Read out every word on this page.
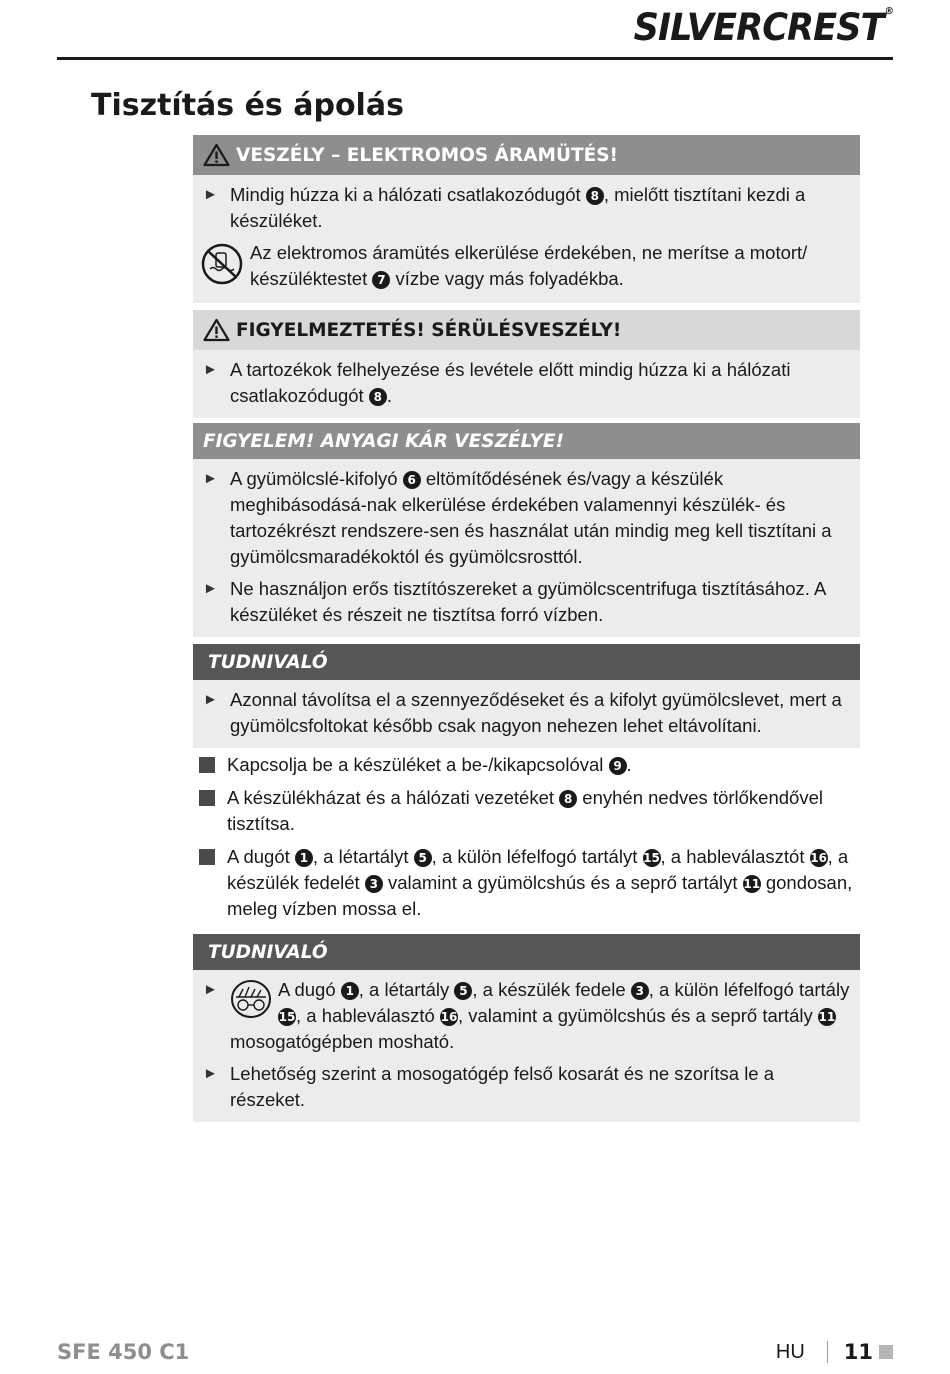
SILVERCREST®
Tisztítás és ápolás
VESZÉLY – ELEKTROMOS ÁRAMÜTÉS!
► Mindig húzza ki a hálózati csatlakozódugót 8 , mielőtt tisztítani kezdi a készüléket.
Az elektromos áramütés elkerülése érdekében, ne merítse a motort/ készüléktestet 7 vízbe vagy más folyadékba.
FIGYELMEZTETÉS! SÉRÜLÉSVESZÉLY!
► A tartozékok felhelyezése és levétele előtt mindig húzza ki a hálózati csatlakozódugót 8 .
FIGYELEM! ANYAGI KÁR VESZÉLYE!
► A gyümölcslé-kifolyó 6 eltömítődésének és/vagy a készülék meghibásodásá-nak elkerülése érdekében valamennyi készülék- és tartozékrészt rendszere-sen és használat után mindig meg kell tisztítani a gyümölcsmaradékoktól és gyümölcsrosttól.
► Ne használjon erős tisztítószereket a gyümölcscentrifuga tisztításához. A készüléket és részeit ne tisztítsa forró vízben.
TUDNIVALÓ
► Azonnal távolítsa el a szennyeződéseket és a kifolyt gyümölcslevet, mert a gyümölcsfoltokat később csak nagyon nehezen lehet eltávolítani.
Kapcsolja be a készüléket a be-/kikapcsolóval 9 .
A készülékházat és a hálózati vezetéket 8 enyhén nedves törlőkendővel tisztítsa.
A dugót 1 , a létartályt 5 , a külön léfelfogó tartályt 15, a hableválasztót 16, a készülék fedelét 3 valamint a gyümölcshús és a seprő tartályt 11 gondosan, meleg vízben mossa el.
TUDNIVALÓ
►	A dugó 1 , a létartály 5 , a készülék fedele 3 , a külön léfelfogó tartály 15, a hableválasztó 16, valamint a gyümölcshús és a seprő tartály 11 mosogatógépben mosható.
► Lehetőség szerint a mosogatógép felső kosarát és ne szorítsa le a részeket.
SFE 450 C1	HU 11
